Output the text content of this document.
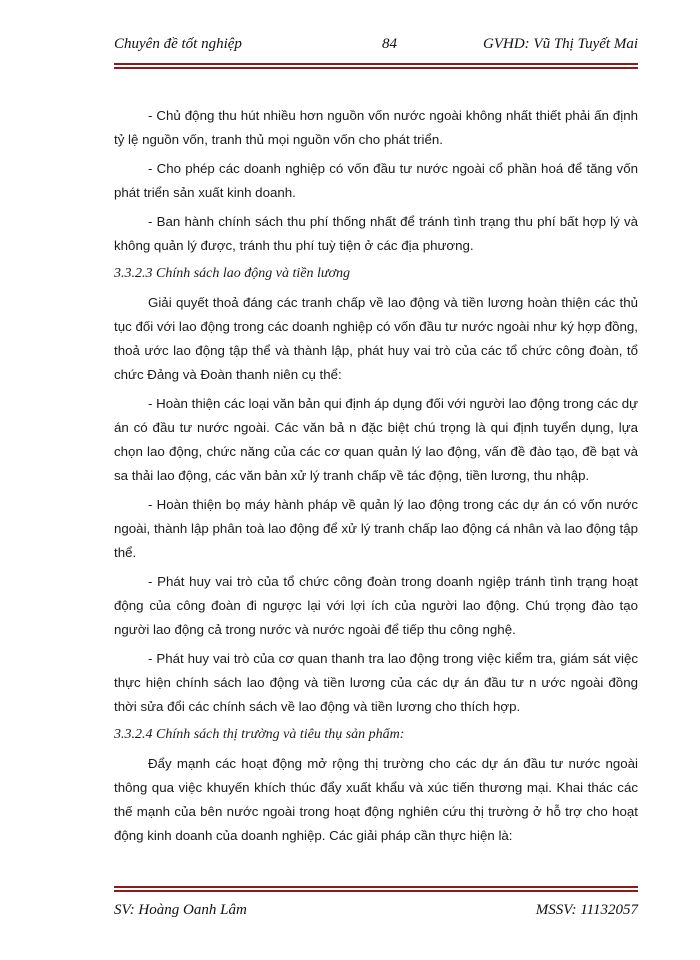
Chuyên đề tốt nghiệp	84	GVHD: Vũ Thị Tuyết Mai

- Chủ động thu hút nhiều hơn nguồn vốn nước ngoài không nhất thiết phải ấn định tỷ lệ nguồn vốn, tranh thủ mọi nguồn vốn cho phát triển.

- Cho phép các doanh nghiệp có vốn đầu tư nước ngoài cổ phần hoá để tăng vốn phát triển sản xuất kinh doanh.

- Ban hành chính sách thu phí thống nhất để tránh tình trạng thu phí bất hợp lý và không quản lý được, tránh thu phí tuỳ tiện ở các địa phương.

3.3.2.3 Chính sách lao động và tiền lương

Giải quyết thoả đáng các tranh chấp về lao động và tiền lương hoàn thiện các thủ tục đối với lao động trong các doanh nghiệp có vốn đầu tư nước ngoài như ký hợp đồng, thoả ước lao động tập thể và thành lập, phát huy vai trò của các tổ chức công đoàn, tổ chức Đảng và Đoàn thanh niên cụ thể:

- Hoàn thiện các loại văn bản qui định áp dụng đối với người lao động trong các dự án có đầu tư nước ngoài. Các văn bả n đặc biệt chú trọng là qui định tuyển dụng, lựa chọn lao động, chức năng của các cơ quan quản lý lao động, vấn đề đào tạo, đề bạt và sa thải lao động, các văn bản xử lý tranh chấp về tác động, tiền lương, thu nhập.

- Hoàn thiện bọ máy hành pháp về quản lý lao động trong các dự án có vốn nước ngoài, thành lập phân toà lao động để xử lý tranh chấp lao động cá nhân và lao động tập thể.

- Phát huy vai trò của tổ chức công đoàn trong doanh ngiệp tránh tình trạng hoạt động của công đoàn đi ngược lại với lợi ích của người lao động. Chú trọng đào tạo người lao động cả trong nước và nước ngoài để tiếp thu công nghệ.

- Phát huy vai trò của cơ quan thanh tra lao động trong việc kiểm tra, giám sát việc thực hiện chính sách lao động và tiền lương của các dự án đầu tư n ước ngoài đồng thời sửa đổi các chính sách về lao động và tiền lương cho thích hợp.

3.3.2.4 Chính sách thị trường và tiêu thụ sản phẩm:

Đẩy mạnh các hoạt động mở rộng thị trường cho các dự án đầu tư nước ngoài thông qua việc khuyến khích thúc đẩy xuất khẩu và xúc tiến thương mại. Khai thác các thế mạnh của bên nước ngoài trong hoạt động nghiên cứu thị trường ở hỗ trợ cho hoạt động kinh doanh của doanh nghiệp. Các giải pháp cần thực hiện là:

SV: Hoàng Oanh Lâm	MSSV: 11132057
